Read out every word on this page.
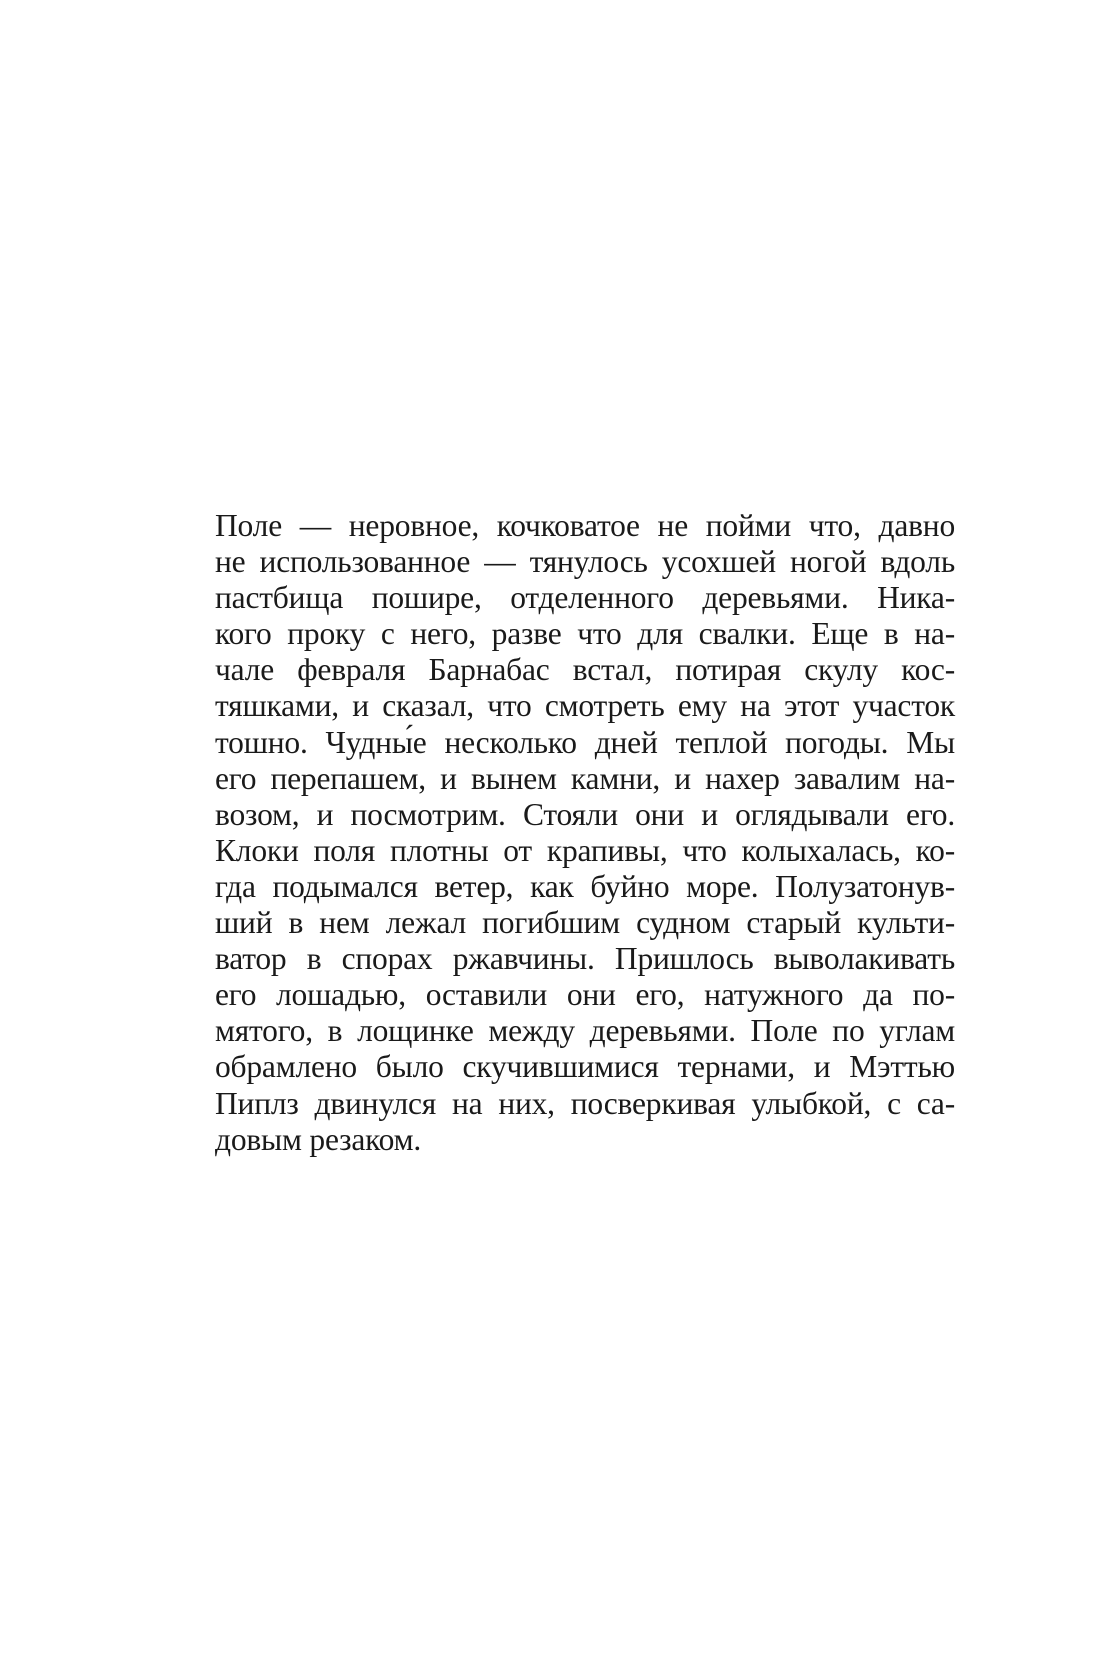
Поле — неровное, кочковатое не пойми что, давно
не использованное — тянулось усохшей ногой вдоль
пастбища пошире, отделенного деревьями. Ника-
кого проку с него, разве что для свалки. Еще в на-
чале февраля Барнабас встал, потирая скулу кос-
тяшками, и сказал, что смотреть ему на этот участок
тошно. Чудны́е несколько дней теплой погоды. Мы
его перепашем, и вынем камни, и нахер завалим на-
возом, и посмотрим. Стояли они и оглядывали его.
Клоки поля плотны от крапивы, что колыхалась, ко-
гда подымался ветер, как буйно море. Полузатонув-
ший в нем лежал погибшим судном старый культи-
ватор в спорах ржавчины. Пришлось выволакивать
его лошадью, оставили они его, натужного да по-
мятого, в лощинке между деревьями. Поле по углам
обрамлено было скучившимися тернами, и Мэттью
Пиплз двинулся на них, посверкивая улыбкой, с са-
довым резаком.
